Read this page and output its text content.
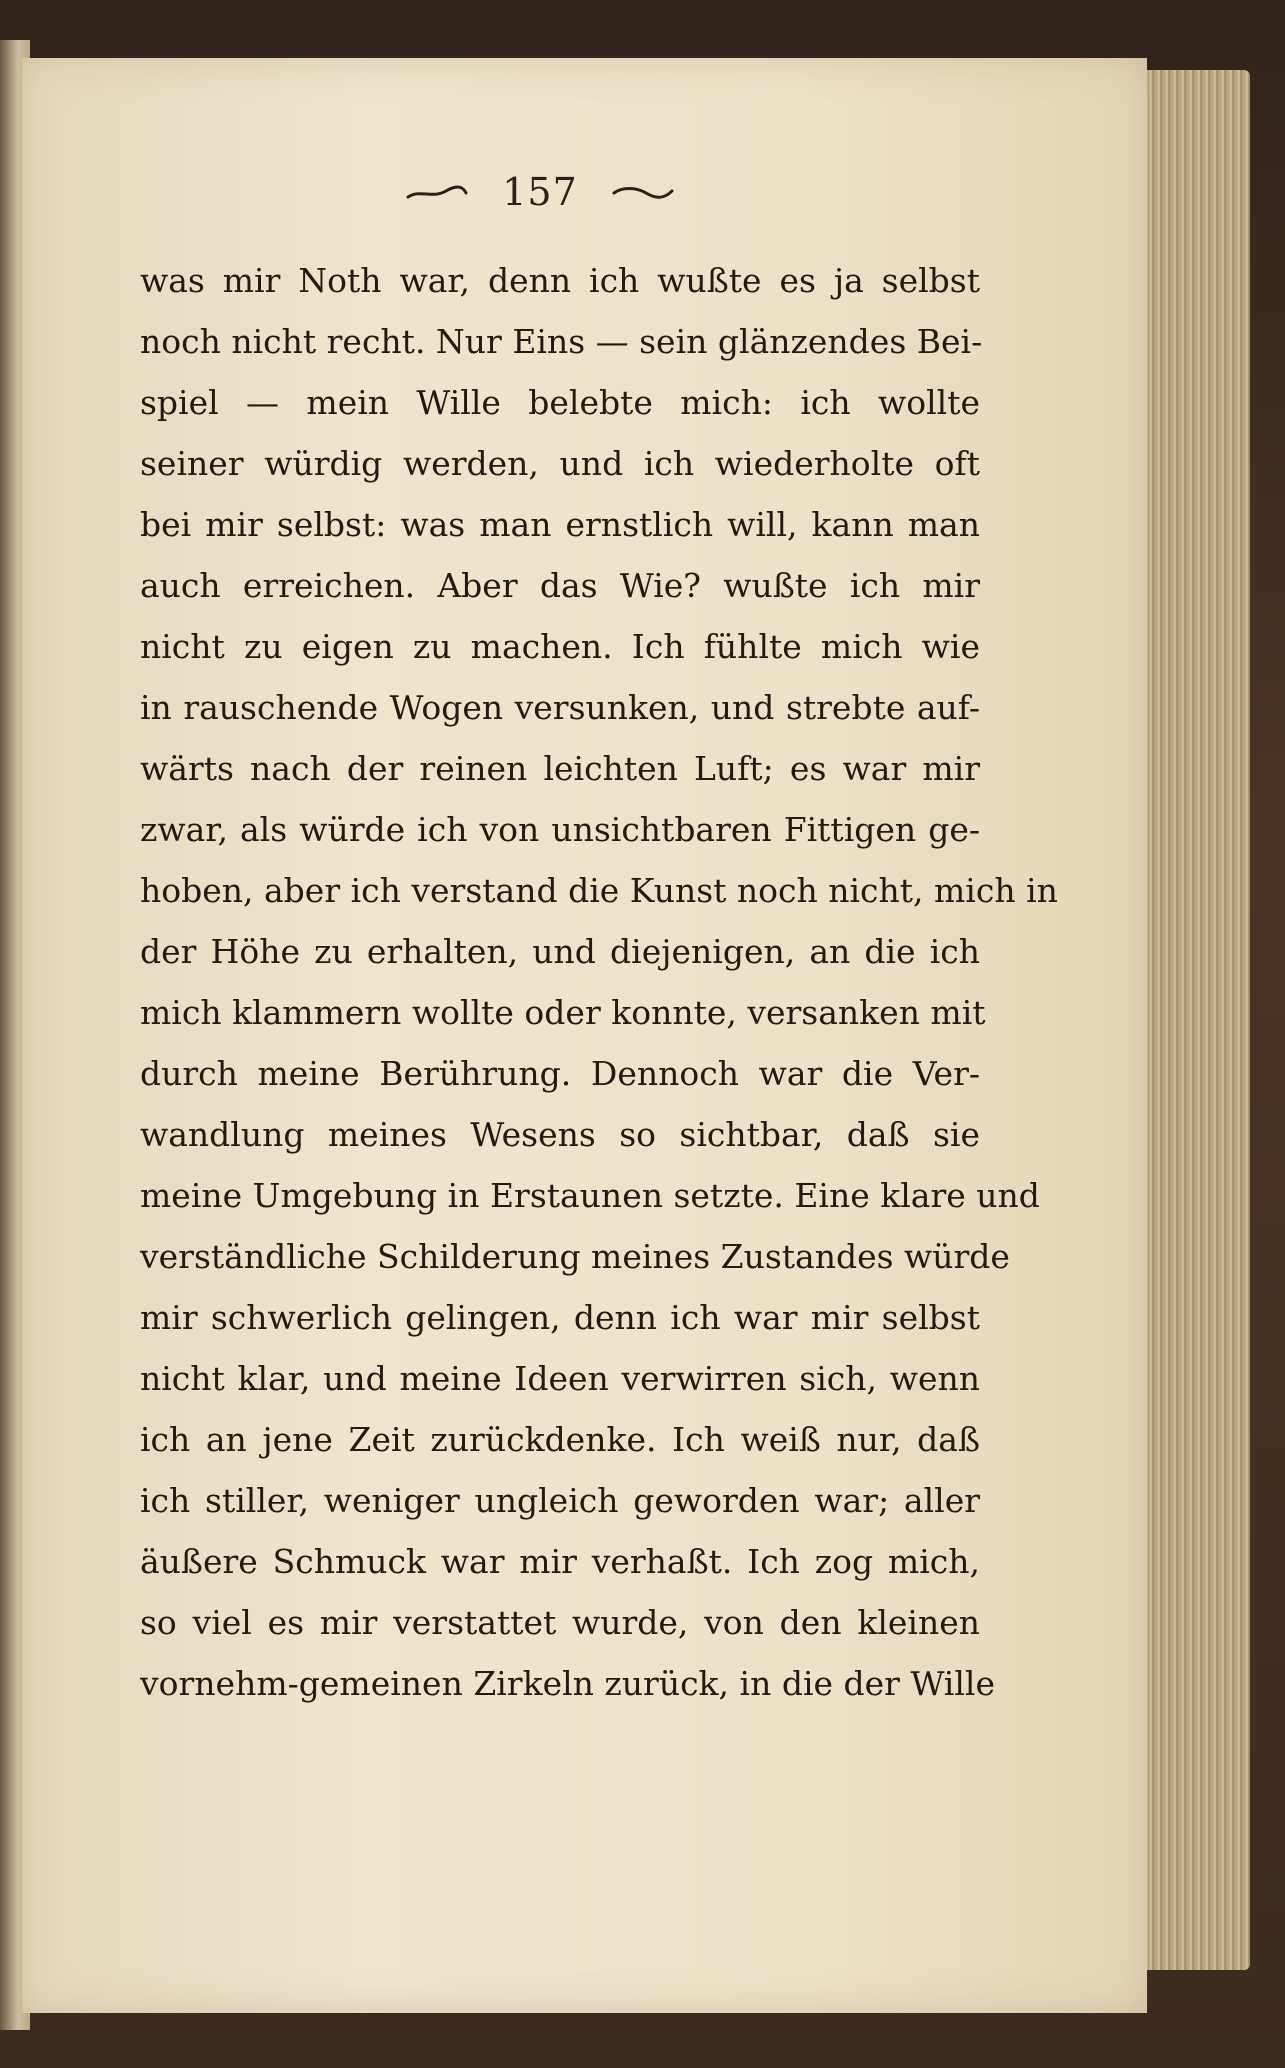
157
was mir Noth war, denn ich wußte es ja selbst
noch nicht recht. Nur Eins — sein glänzendes Bei-
spiel — mein Wille belebte mich: ich wollte
seiner würdig werden, und ich wiederholte oft
bei mir selbst: was man ernstlich will, kann man
auch erreichen. Aber das Wie? wußte ich mir
nicht zu eigen zu machen. Ich fühlte mich wie
in rauschende Wogen versunken, und strebte auf-
wärts nach der reinen leichten Luft; es war mir
zwar, als würde ich von unsichtbaren Fittigen ge-
hoben, aber ich verstand die Kunst noch nicht, mich in
der Höhe zu erhalten, und diejenigen, an die ich
mich klammern wollte oder konnte, versanken mit
durch meine Berührung. Dennoch war die Ver-
wandlung meines Wesens so sichtbar, daß sie
meine Umgebung in Erstaunen setzte. Eine klare und
verständliche Schilderung meines Zustandes würde
mir schwerlich gelingen, denn ich war mir selbst
nicht klar, und meine Ideen verwirren sich, wenn
ich an jene Zeit zurückdenke. Ich weiß nur, daß
ich stiller, weniger ungleich geworden war; aller
äußere Schmuck war mir verhaßt. Ich zog mich,
so viel es mir verstattet wurde, von den kleinen
vornehm-gemeinen Zirkeln zurück, in die der Wille
